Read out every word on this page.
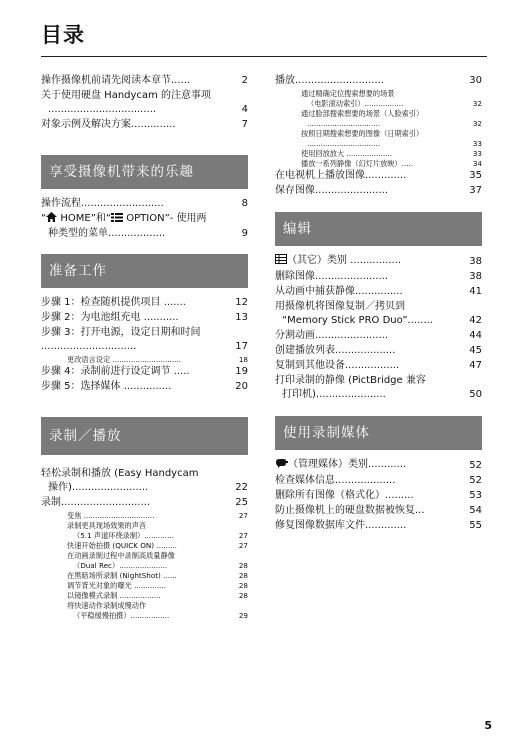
目录
操作摄像机前请先阅读本章节......	2
关于使用硬盘 Handycam 的注意事项
..................................	4
对象示例及解决方案..............	7
享受摄像机带来的乐趣
操作流程..........................	8
“ HOME”和“ OPTION”- 使用两
种类型的菜单..................	9
准备工作
步骤 1：检查随机提供项目 .......	12
步骤 2：为电池组充电 ...........	13
步骤 3：打开电源，设定日期和时间
..............................	17
更改语言设定 ..............................	18
步骤 4：录制前进行设定调节 .....	19
步骤 5：选择媒体 ...............	20
录制／播放
轻松录制和播放 (Easy Handycam
操作)........................	22
录制............................	25
变焦 ...............................	27
录制更具现场效果的声音
（5.1 声道环绕录制）.............	27
快速开始拍摄 (QUICK ON) .........	27
在动画录制过程中录制高质量静像
（Dual Rec）.....................	28
在黑暗场所录制 (NightShot) ......	28
调节背光对象的曝光 ..............	28
以镜像模式录制 ..................	28
将快速动作录制成慢动作
（平稳缓慢拍摄）.................	29
播放............................	30
通过精确定位搜索想要的场景
（电影滚动索引）.................	32
通过脸部搜索想要的场景（人脸索引）
................................	32
按照日期搜索想要的图像（日期索引）
................................	33
使用回放放大 ....................	33
播放一系列静像（幻灯片放映）.....	34
在电视机上播放图像.............	35
保存图像.......................	37
编辑
（其它）类别 ................	38
删除图像.......................	38
从动画中捕获静像...............	41
用摄像机将图像复制／拷贝到
“Memory Stick PRO Duo”........	42
分割动画.......................	44
创建播放列表...................	45
复制到其他设备.................	47
打印录制的静像 (PictBridge 兼容
打印机)......................	50
使用录制媒体
（管理媒体）类别............	52
检查媒体信息...................	52
删除所有图像（格式化）.........	53
防止摄像机上的硬盘数据被恢复...	54
修复图像数据库文件.............	55
5
